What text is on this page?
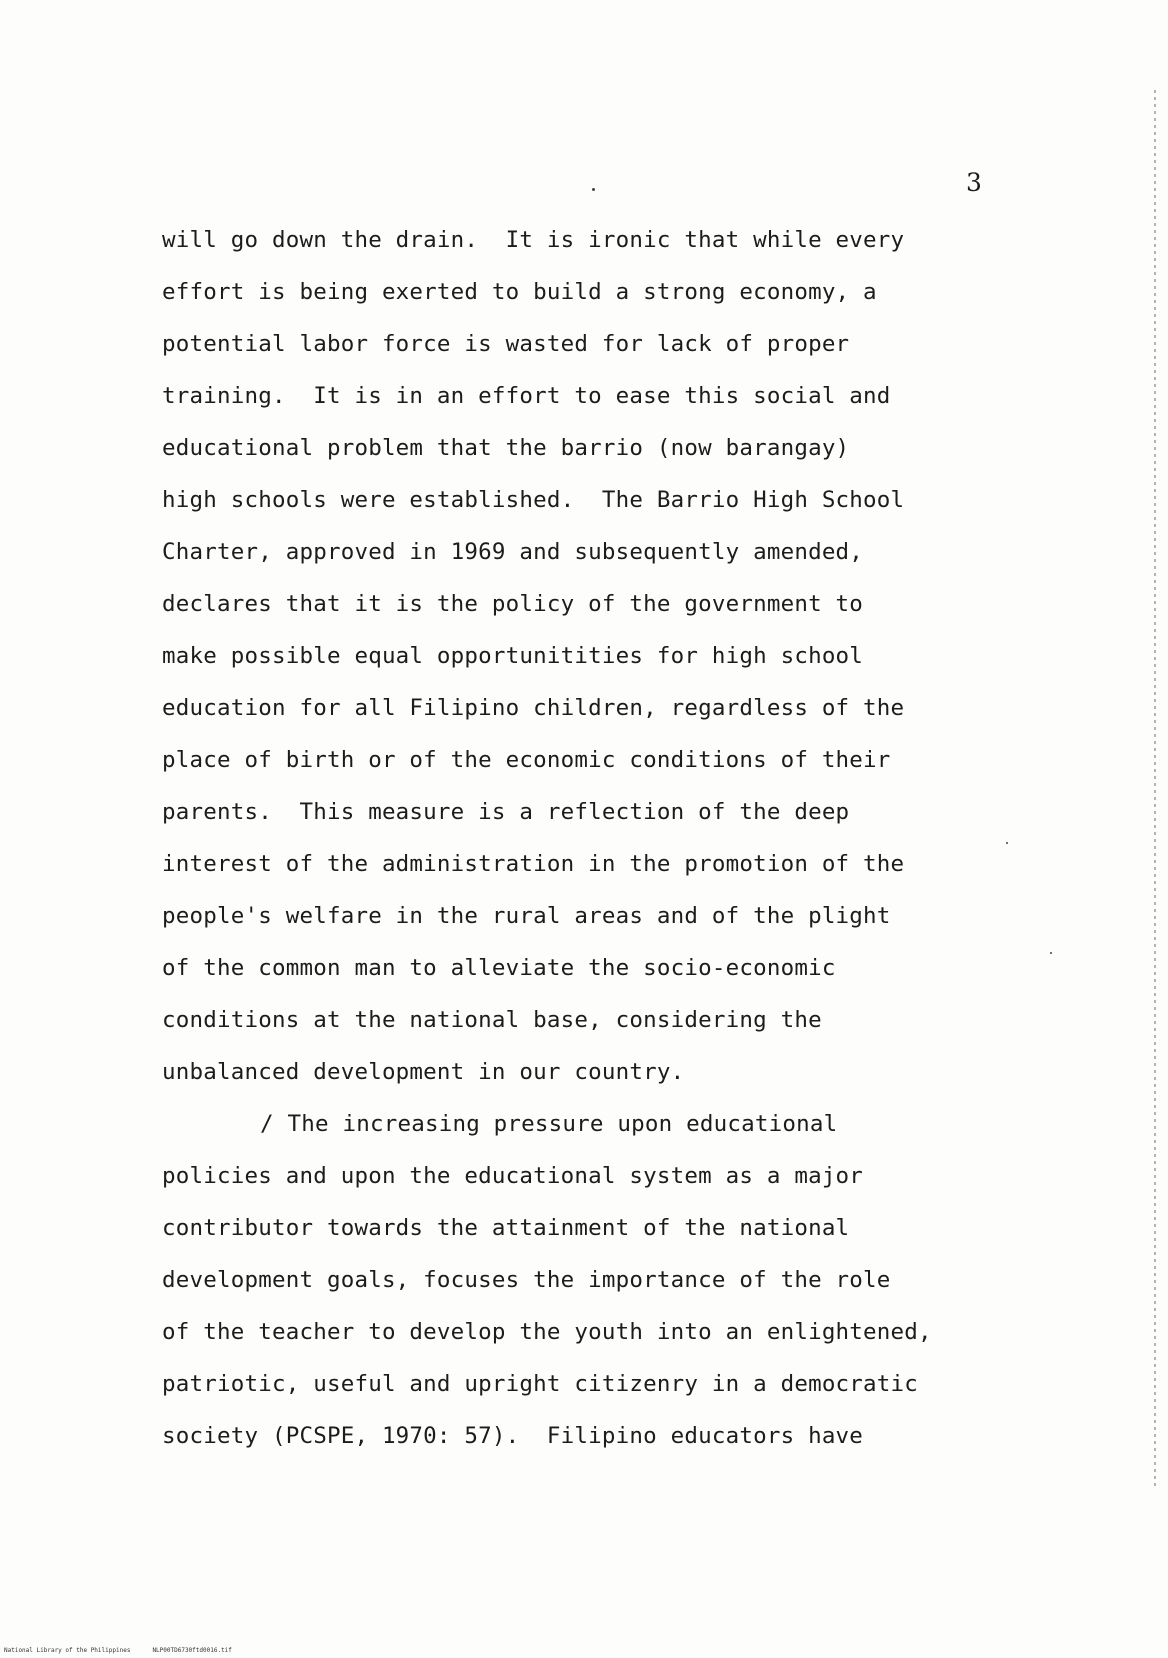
3
will go down the drain.  It is ironic that while every
effort is being exerted to build a strong economy, a
potential labor force is wasted for lack of proper
training.  It is in an effort to ease this social and
educational problem that the barrio (now barangay)
high schools were established.  The Barrio High School
Charter, approved in 1969 and subsequently amended,
declares that it is the policy of the government to
make possible equal opportunitities for high school
education for all Filipino children, regardless of the
place of birth or of the economic conditions of their
parents.  This measure is a reflection of the deep
interest of the administration in the promotion of the
people's welfare in the rural areas and of the plight
of the common man to alleviate the socio-economic
conditions at the national base, considering the
unbalanced development in our country.
/ The increasing pressure upon educational
policies and upon the educational system as a major
contributor towards the attainment of the national
development goals, focuses the importance of the role
of the teacher to develop the youth into an enlightened,
patriotic, useful and upright citizenry in a democratic
society (PCSPE, 1970: 57).  Filipino educators have
National Library of the Philippines	NLP00TD6730ftd0016.tif
